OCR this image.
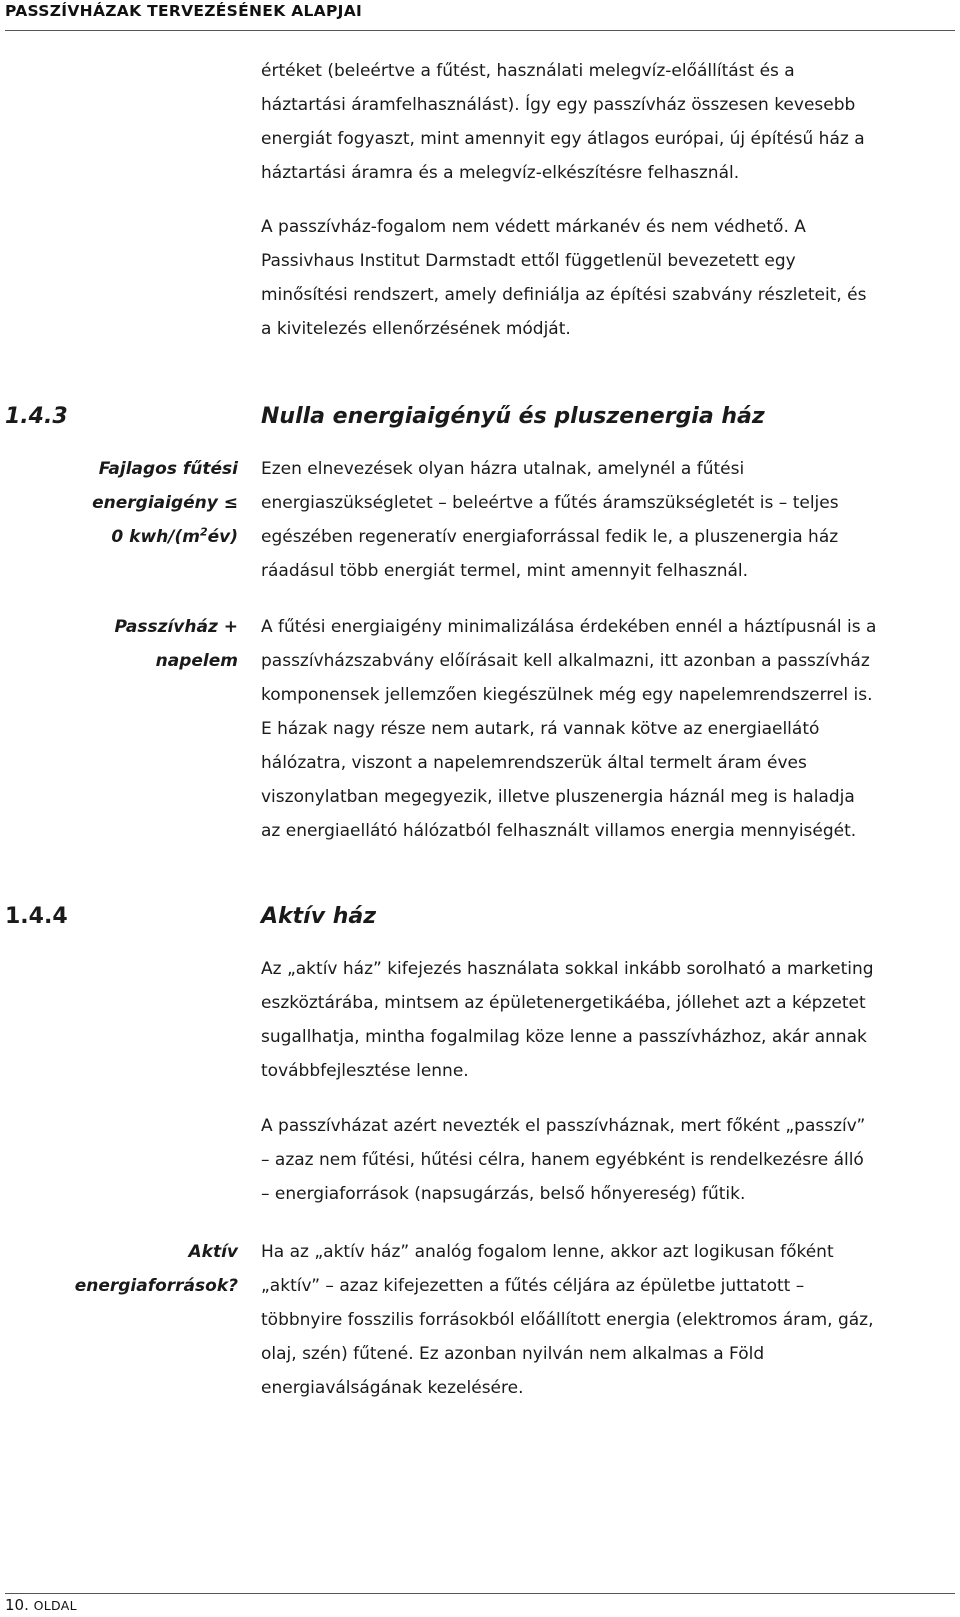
PASSZÍVHÁZAK TERVEZÉSÉNEK ALAPJAI

értéket (beleértve a fűtést, használati melegvíz-előállítást és a
háztartási áramfelhasználást). Így egy passzívház összesen kevesebb
energiát fogyaszt, mint amennyit egy átlagos európai, új építésű ház a
háztartási áramra és a melegvíz-elkészítésre felhasznál.

A passzívház-fogalom nem védett márkanév és nem védhető. A
Passivhaus Institut Darmstadt ettől függetlenül bevezetett egy
minősítési rendszert, amely definiálja az építési szabvány részleteit, és
a kivitelezés ellenőrzésének módját.

1.4.3	Nulla energiaigényű és pluszenergia ház

Fajlagos fűtési
energiaigény ≤
0 kwh/$(m^2év)$

Ezen elnevezések olyan házra utalnak, amelynél a fűtési
energiaszükségletet – beleértve a fűtés áramszükségletét is – teljes
egészében regeneratív energiaforrással fedik le, a pluszenergia ház
ráadásul több energiát termel, mint amennyit felhasznál.

Passzívház +
napelem

A fűtési energiaigény minimalizálása érdekében ennél a háztípusnál is a
passzívházszabvány előírásait kell alkalmazni, itt azonban a passzívház
komponensek jellemzően kiegészülnek még egy napelemrendszerrel is.
E házak nagy része nem autark, rá vannak kötve az energiaellátó
hálózatra, viszont a napelemrendszerük által termelt áram éves
viszonylatban megegyezik, illetve pluszenergia háznál meg is haladja
az energiaellátó hálózatból felhasznált villamos energia mennyiségét.

1.4.4	Aktív ház

Az „aktív ház” kifejezés használata sokkal inkább sorolható a marketing
eszköztárába, mintsem az épületenergetikáéba, jóllehet azt a képzetet
sugallhatja, mintha fogalmilag köze lenne a passzívházhoz, akár annak
továbbfejlesztése lenne.

A passzívházat azért nevezték el passzívháznak, mert főként „passzív”
– azaz nem fűtési, hűtési célra, hanem egyébként is rendelkezésre álló
– energiaforrások (napsugárzás, belső hőnyereség) fűtik.

Aktív
energiaforrások?

Ha az „aktív ház” analóg fogalom lenne, akkor azt logikusan főként
„aktív” – azaz kifejezetten a fűtés céljára az épületbe juttatott –
többnyire fosszilis forrásokból előállított energia (elektromos áram, gáz,
olaj, szén) fűtené. Ez azonban nyilván nem alkalmas a Föld
energiaválságának kezelésére.

10. OLDAL
